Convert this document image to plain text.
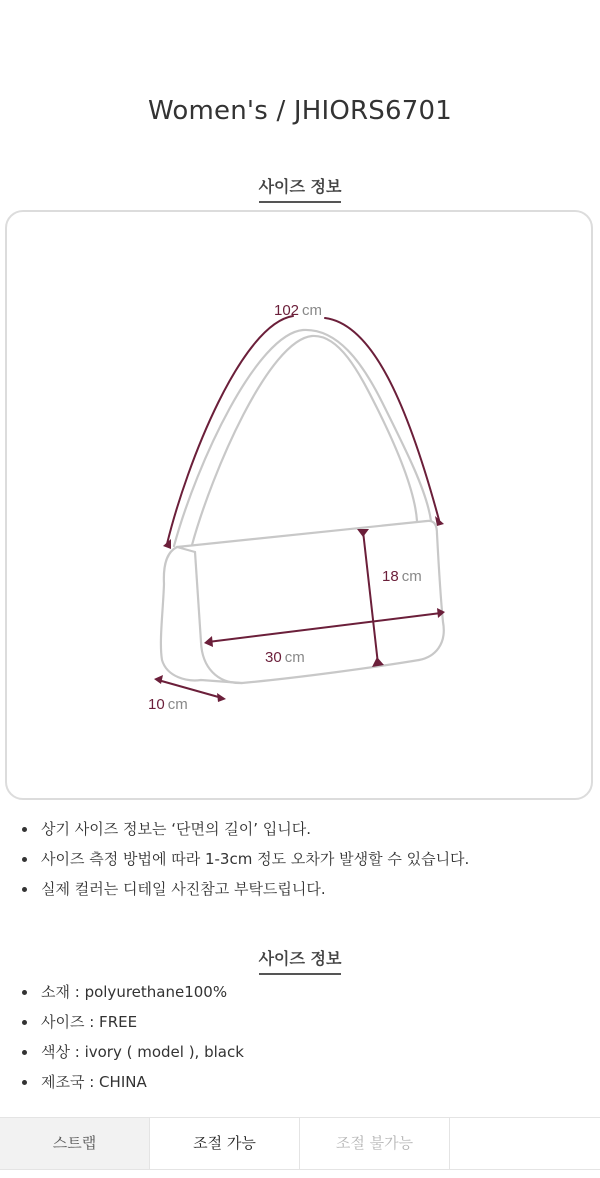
Women's / JHIORS6701
사이즈 정보
102 cm
18 cm
30 cm
10 cm
상기 사이즈 정보는 ‘단면의 길이’ 입니다.
사이즈 측정 방법에 따라 1-3cm 정도 오차가 발생할 수 있습니다.
실제 컬러는 디테일 사진참고 부탁드립니다.
사이즈 정보
소재 : polyurethane100%
사이즈 : FREE
색상 : ivory ( model ), black
제조국 : CHINA
스트랩	조절 가능	조절 불가능
